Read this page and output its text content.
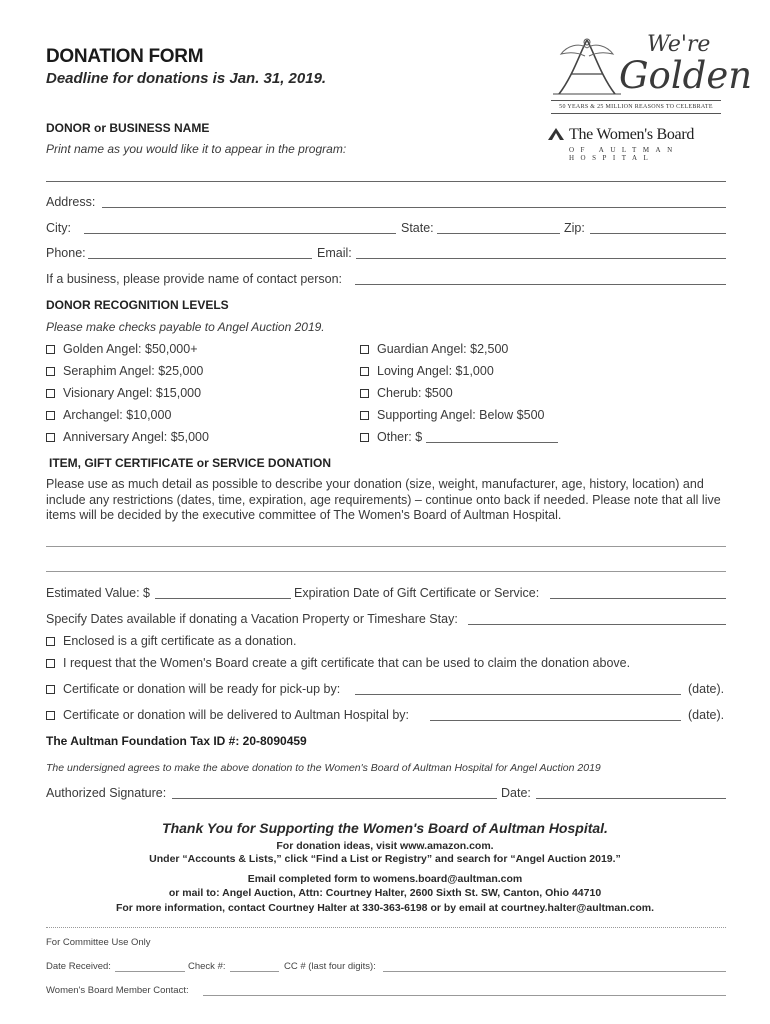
DONATION FORM
Deadline for donations is Jan. 31, 2019.
We're
Golden
50 YEARS & 25 MILLION REASONS TO CELEBRATE
The Women's Board
OF AULTMAN HOSPITAL
DONOR or BUSINESS NAME
Print name as you would like it to appear in the program:
Address:
City:	State:	Zip:
Phone:	Email:
If a business, please provide name of contact person:
DONOR RECOGNITION LEVELS
Please make checks payable to Angel Auction 2019.
Golden Angel: $50,000+
Seraphim Angel: $25,000
Visionary Angel: $15,000
Archangel: $10,000
Anniversary Angel: $5,000
Guardian Angel: $2,500
Loving Angel: $1,000
Cherub: $500
Supporting Angel: Below $500
Other: $
ITEM, GIFT CERTIFICATE or SERVICE DONATION
Please use as much detail as possible to describe your donation (size, weight, manufacturer, age, history, location) and include any restrictions (dates, time, expiration, age requirements) – continue onto back if needed. Please note that all live items will be decided by the executive committee of The Women's Board of Aultman Hospital.
Estimated Value: $	Expiration Date of Gift Certificate or Service:
Specify Dates available if donating a Vacation Property or Timeshare Stay:
Enclosed is a gift certificate as a donation.
I request that the Women's Board create a gift certificate that can be used to claim the donation above.
Certificate or donation will be ready for pick-up by:	(date).
Certificate or donation will be delivered to Aultman Hospital by:	(date).
The Aultman Foundation Tax ID #: 20-8090459
The undersigned agrees to make the above donation to the Women's Board of Aultman Hospital for Angel Auction 2019
Authorized Signature:	Date:
Thank You for Supporting the Women's Board of Aultman Hospital.
For donation ideas, visit www.amazon.com.
Under “Accounts & Lists,” click “Find a List or Registry” and search for “Angel Auction 2019.”
Email completed form to womens.board@aultman.com
or mail to: Angel Auction, Attn: Courtney Halter, 2600 Sixth St. SW, Canton, Ohio 44710
For more information, contact Courtney Halter at 330-363-6198 or by email at courtney.halter@aultman.com.
For Committee Use Only
Date Received:	Check #:	CC # (last four digits):
Women's Board Member Contact:
